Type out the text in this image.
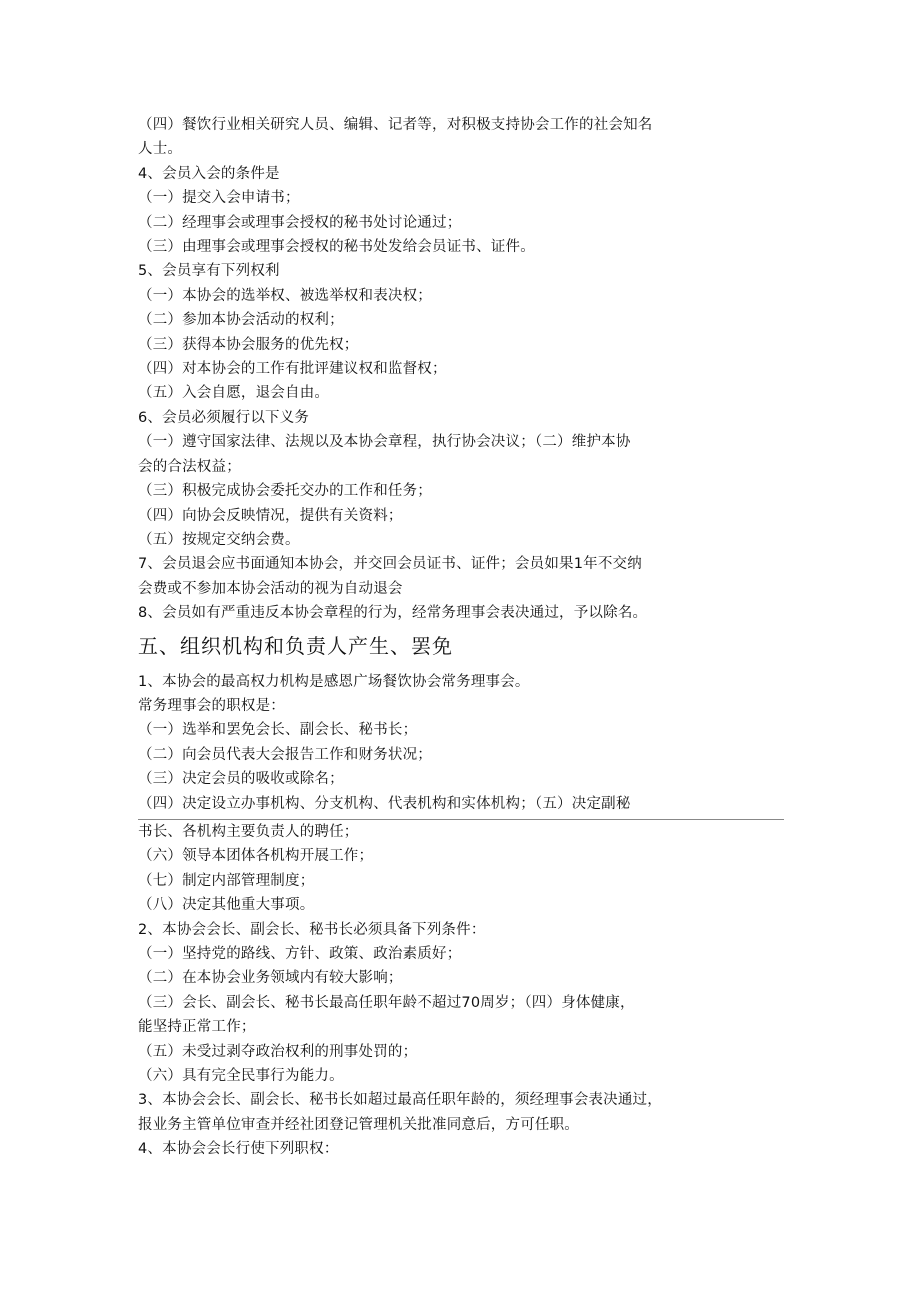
（四）餐饮行业相关研究人员、编辑、记者等，对积极支持协会工作的社会知名
人士。
4、会员入会的条件是
（一）提交入会申请书；
（二）经理事会或理事会授权的秘书处讨论通过；
（三）由理事会或理事会授权的秘书处发给会员证书、证件。
5、会员享有下列权利
（一）本协会的选举权、被选举权和表决权；
（二）参加本协会活动的权利；
（三）获得本协会服务的优先权；
（四）对本协会的工作有批评建议权和监督权；
（五）入会自愿，退会自由。
6、会员必须履行以下义务
（一）遵守国家法律、法规以及本协会章程，执行协会决议；（二）维护本协
会的合法权益；
（三）积极完成协会委托交办的工作和任务；
（四）向协会反映情况，提供有关资料；
（五）按规定交纳会费。
7、会员退会应书面通知本协会，并交回会员证书、证件；会员如果1年不交纳
会费或不参加本协会活动的视为自动退会
8、会员如有严重违反本协会章程的行为，经常务理事会表决通过，予以除名。
五、组织机构和负责人产生、罢免
1、本协会的最高权力机构是感恩广场餐饮协会常务理事会。
常务理事会的职权是：
（一）选举和罢免会长、副会长、秘书长；
（二）向会员代表大会报告工作和财务状况；
（三）决定会员的吸收或除名；
（四）决定设立办事机构、分支机构、代表机构和实体机构；（五）决定副秘
书长、各机构主要负责人的聘任；
（六）领导本团体各机构开展工作；
（七）制定内部管理制度；
（八）决定其他重大事项。
2、本协会会长、副会长、秘书长必须具备下列条件：
（一）坚持党的路线、方针、政策、政治素质好；
（二）在本协会业务领域内有较大影响；
（三）会长、副会长、秘书长最高任职年龄不超过70周岁；（四）身体健康，
能坚持正常工作；
（五）未受过剥夺政治权利的刑事处罚的；
（六）具有完全民事行为能力。
3、本协会会长、副会长、秘书长如超过最高任职年龄的，须经理事会表决通过，
报业务主管单位审查并经社团登记管理机关批准同意后，方可任职。
4、本协会会长行使下列职权：
